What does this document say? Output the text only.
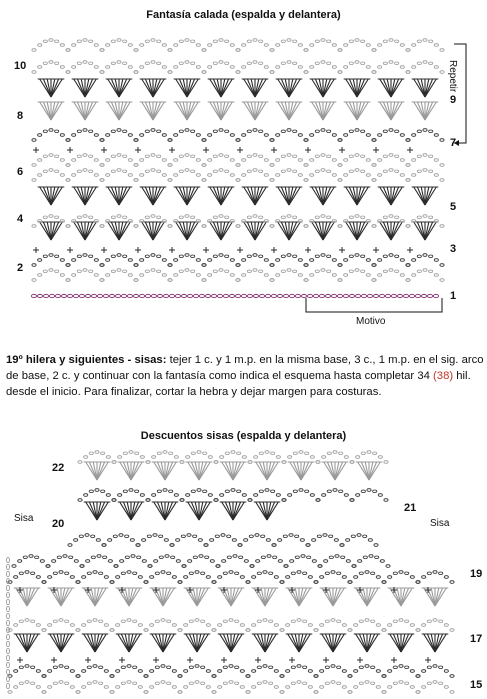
Fantasía calada (espalda y delantera)
10
8
6
4
2
9
7
5
3
1
Repetir
Motivo
19º hilera y siguientes - sisas: tejer 1 c. y 1 m.p. en la misma base, 3 c., 1 m.p. en el sig. arco de base, 2 c. y continuar con la fantasía como indica el esquema hasta completar 34 (38) hil. desde el inicio. Para finalizar, cortar la hebra y dejar margen para costuras.
Descuentos sisas (espalda y delantera)
22
20
21
19
17
15
Sisa	Sisa
